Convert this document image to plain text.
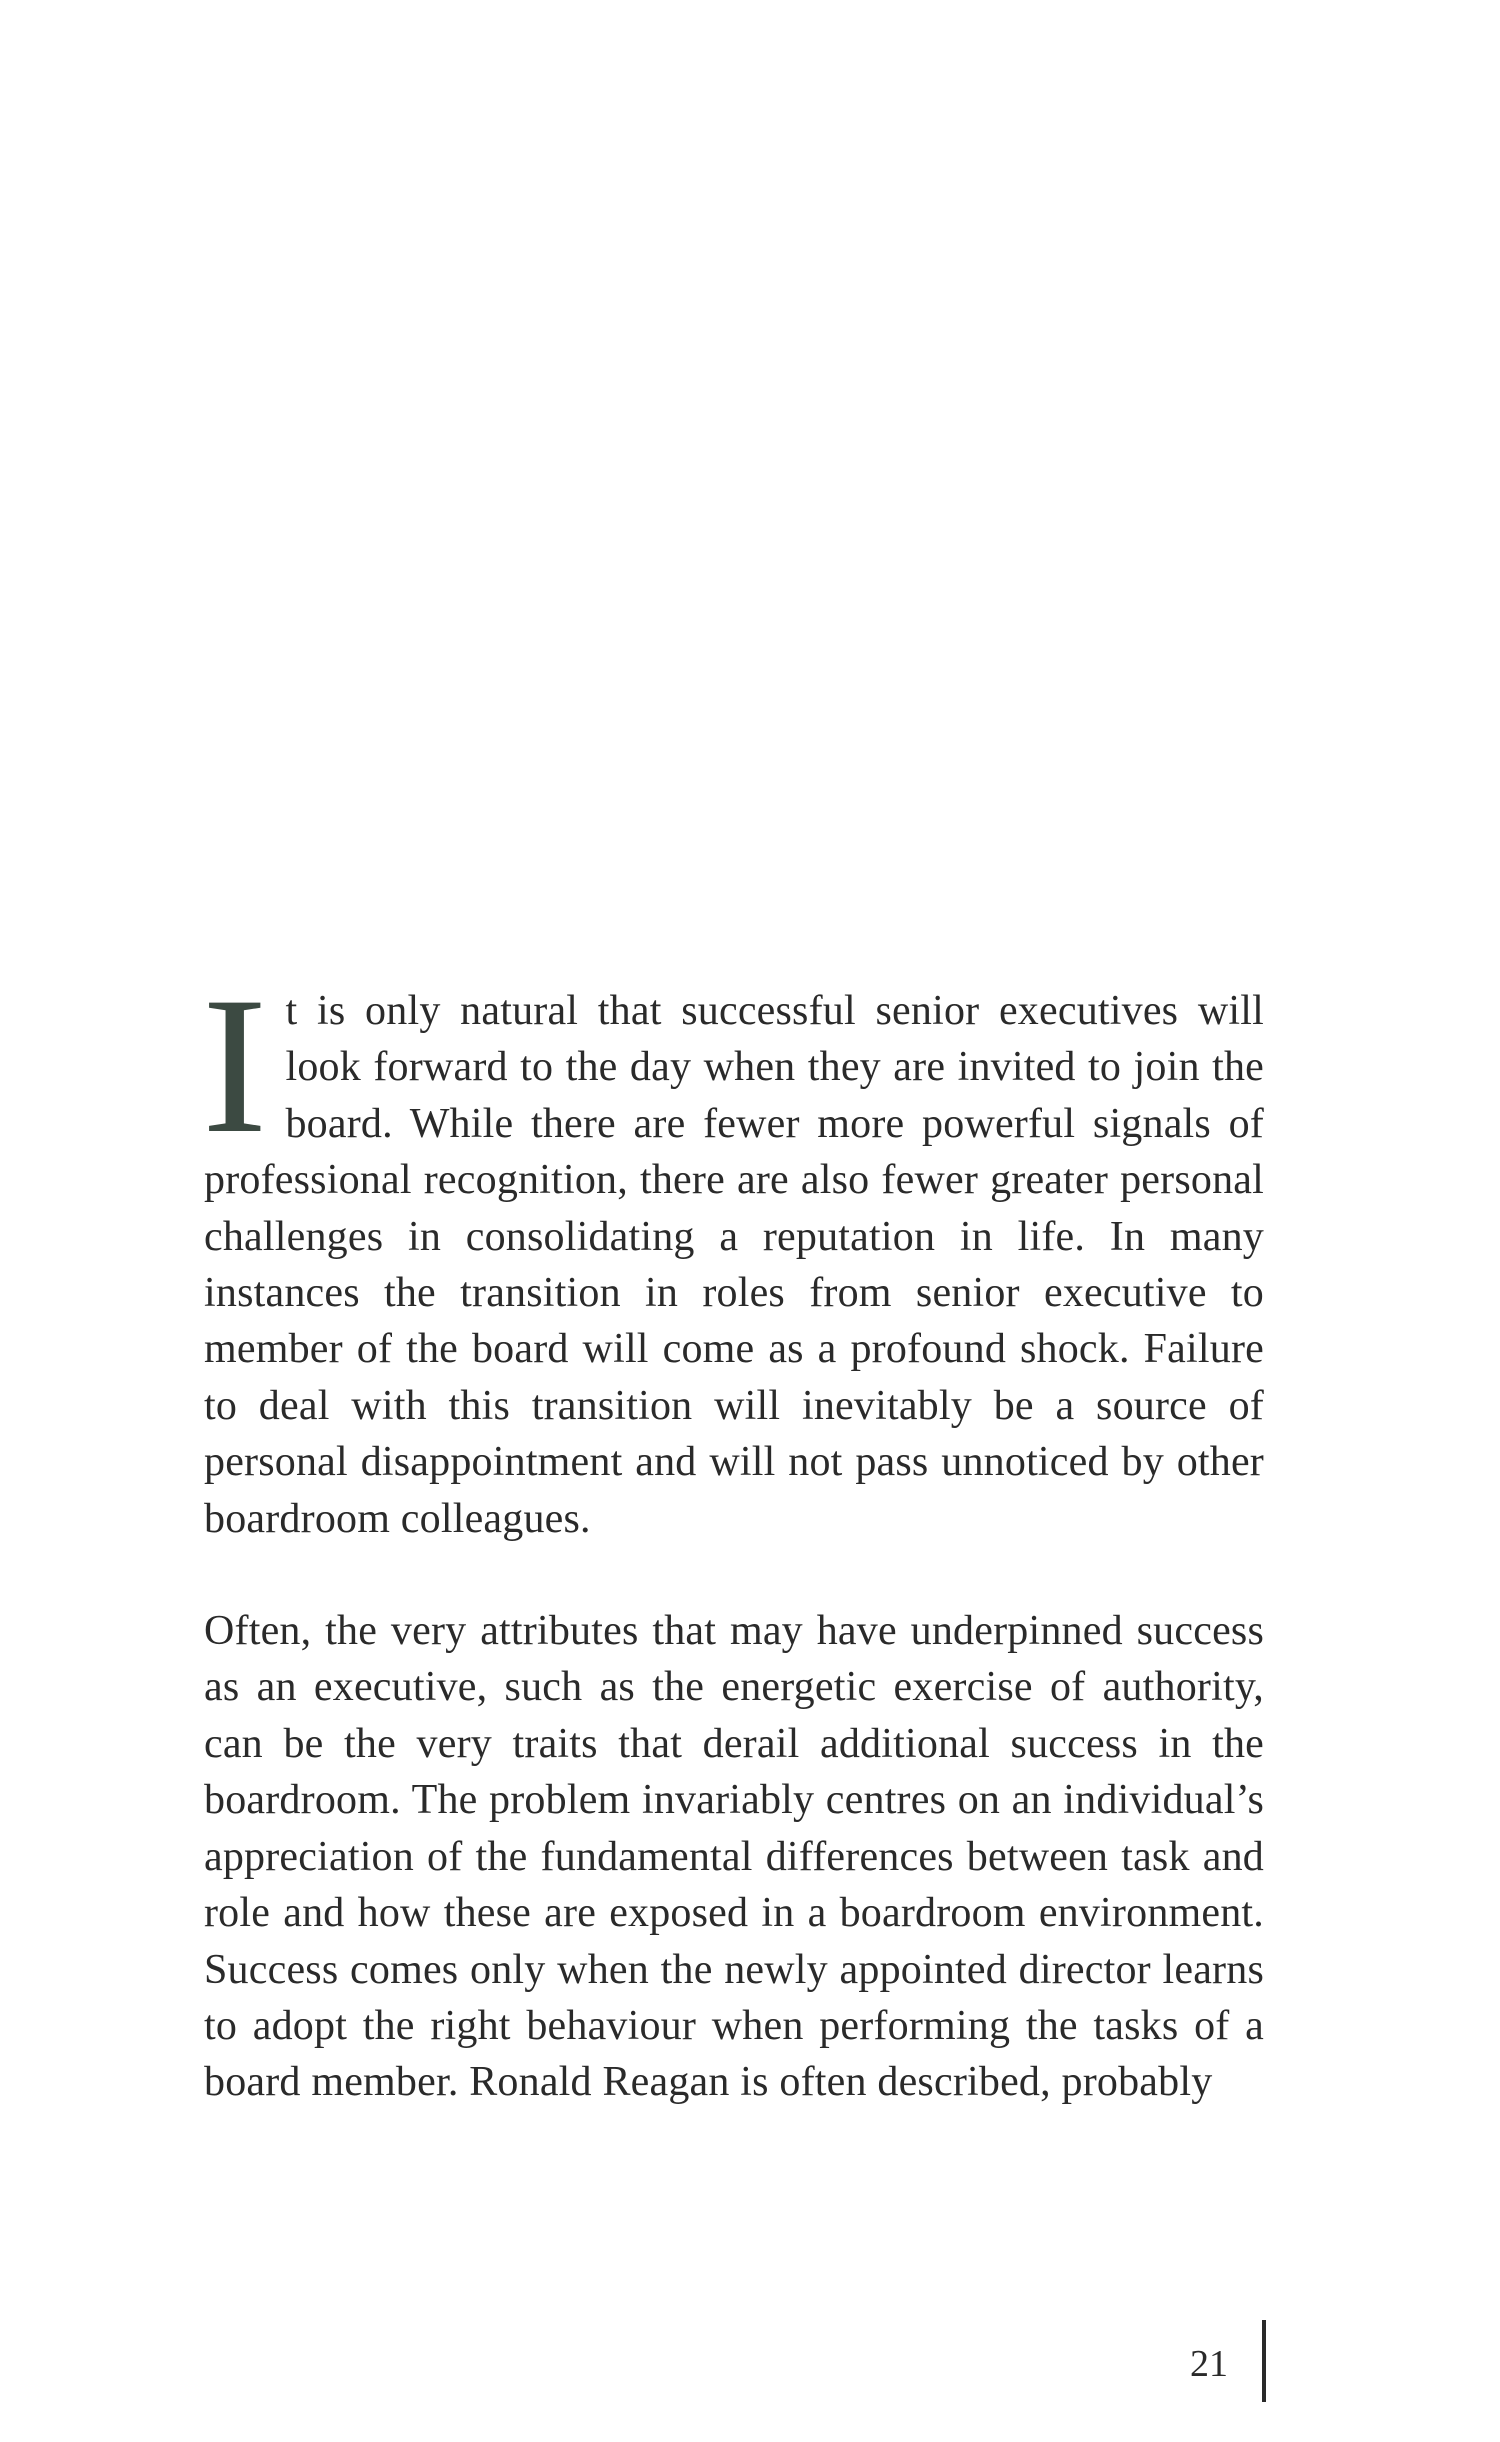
It is only natural that successful senior executives will look forward to the day when they are invited to join the board. While there are fewer more powerful signals of professional recognition, there are also fewer greater personal challenges in consolidating a reputation in life. In many instances the transition in roles from senior executive to member of the board will come as a profound shock. Failure to deal with this transition will inevitably be a source of personal disappointment and will not pass unnoticed by other boardroom colleagues.

Often, the very attributes that may have underpinned success as an executive, such as the energetic exercise of authority, can be the very traits that derail additional success in the boardroom. The problem invariably centres on an individual’s appreciation of the fundamental differences between task and role and how these are exposed in a boardroom environment. Success comes only when the newly appointed director learns to adopt the right behaviour when performing the tasks of a board member. Ronald Reagan is often described, probably

21
